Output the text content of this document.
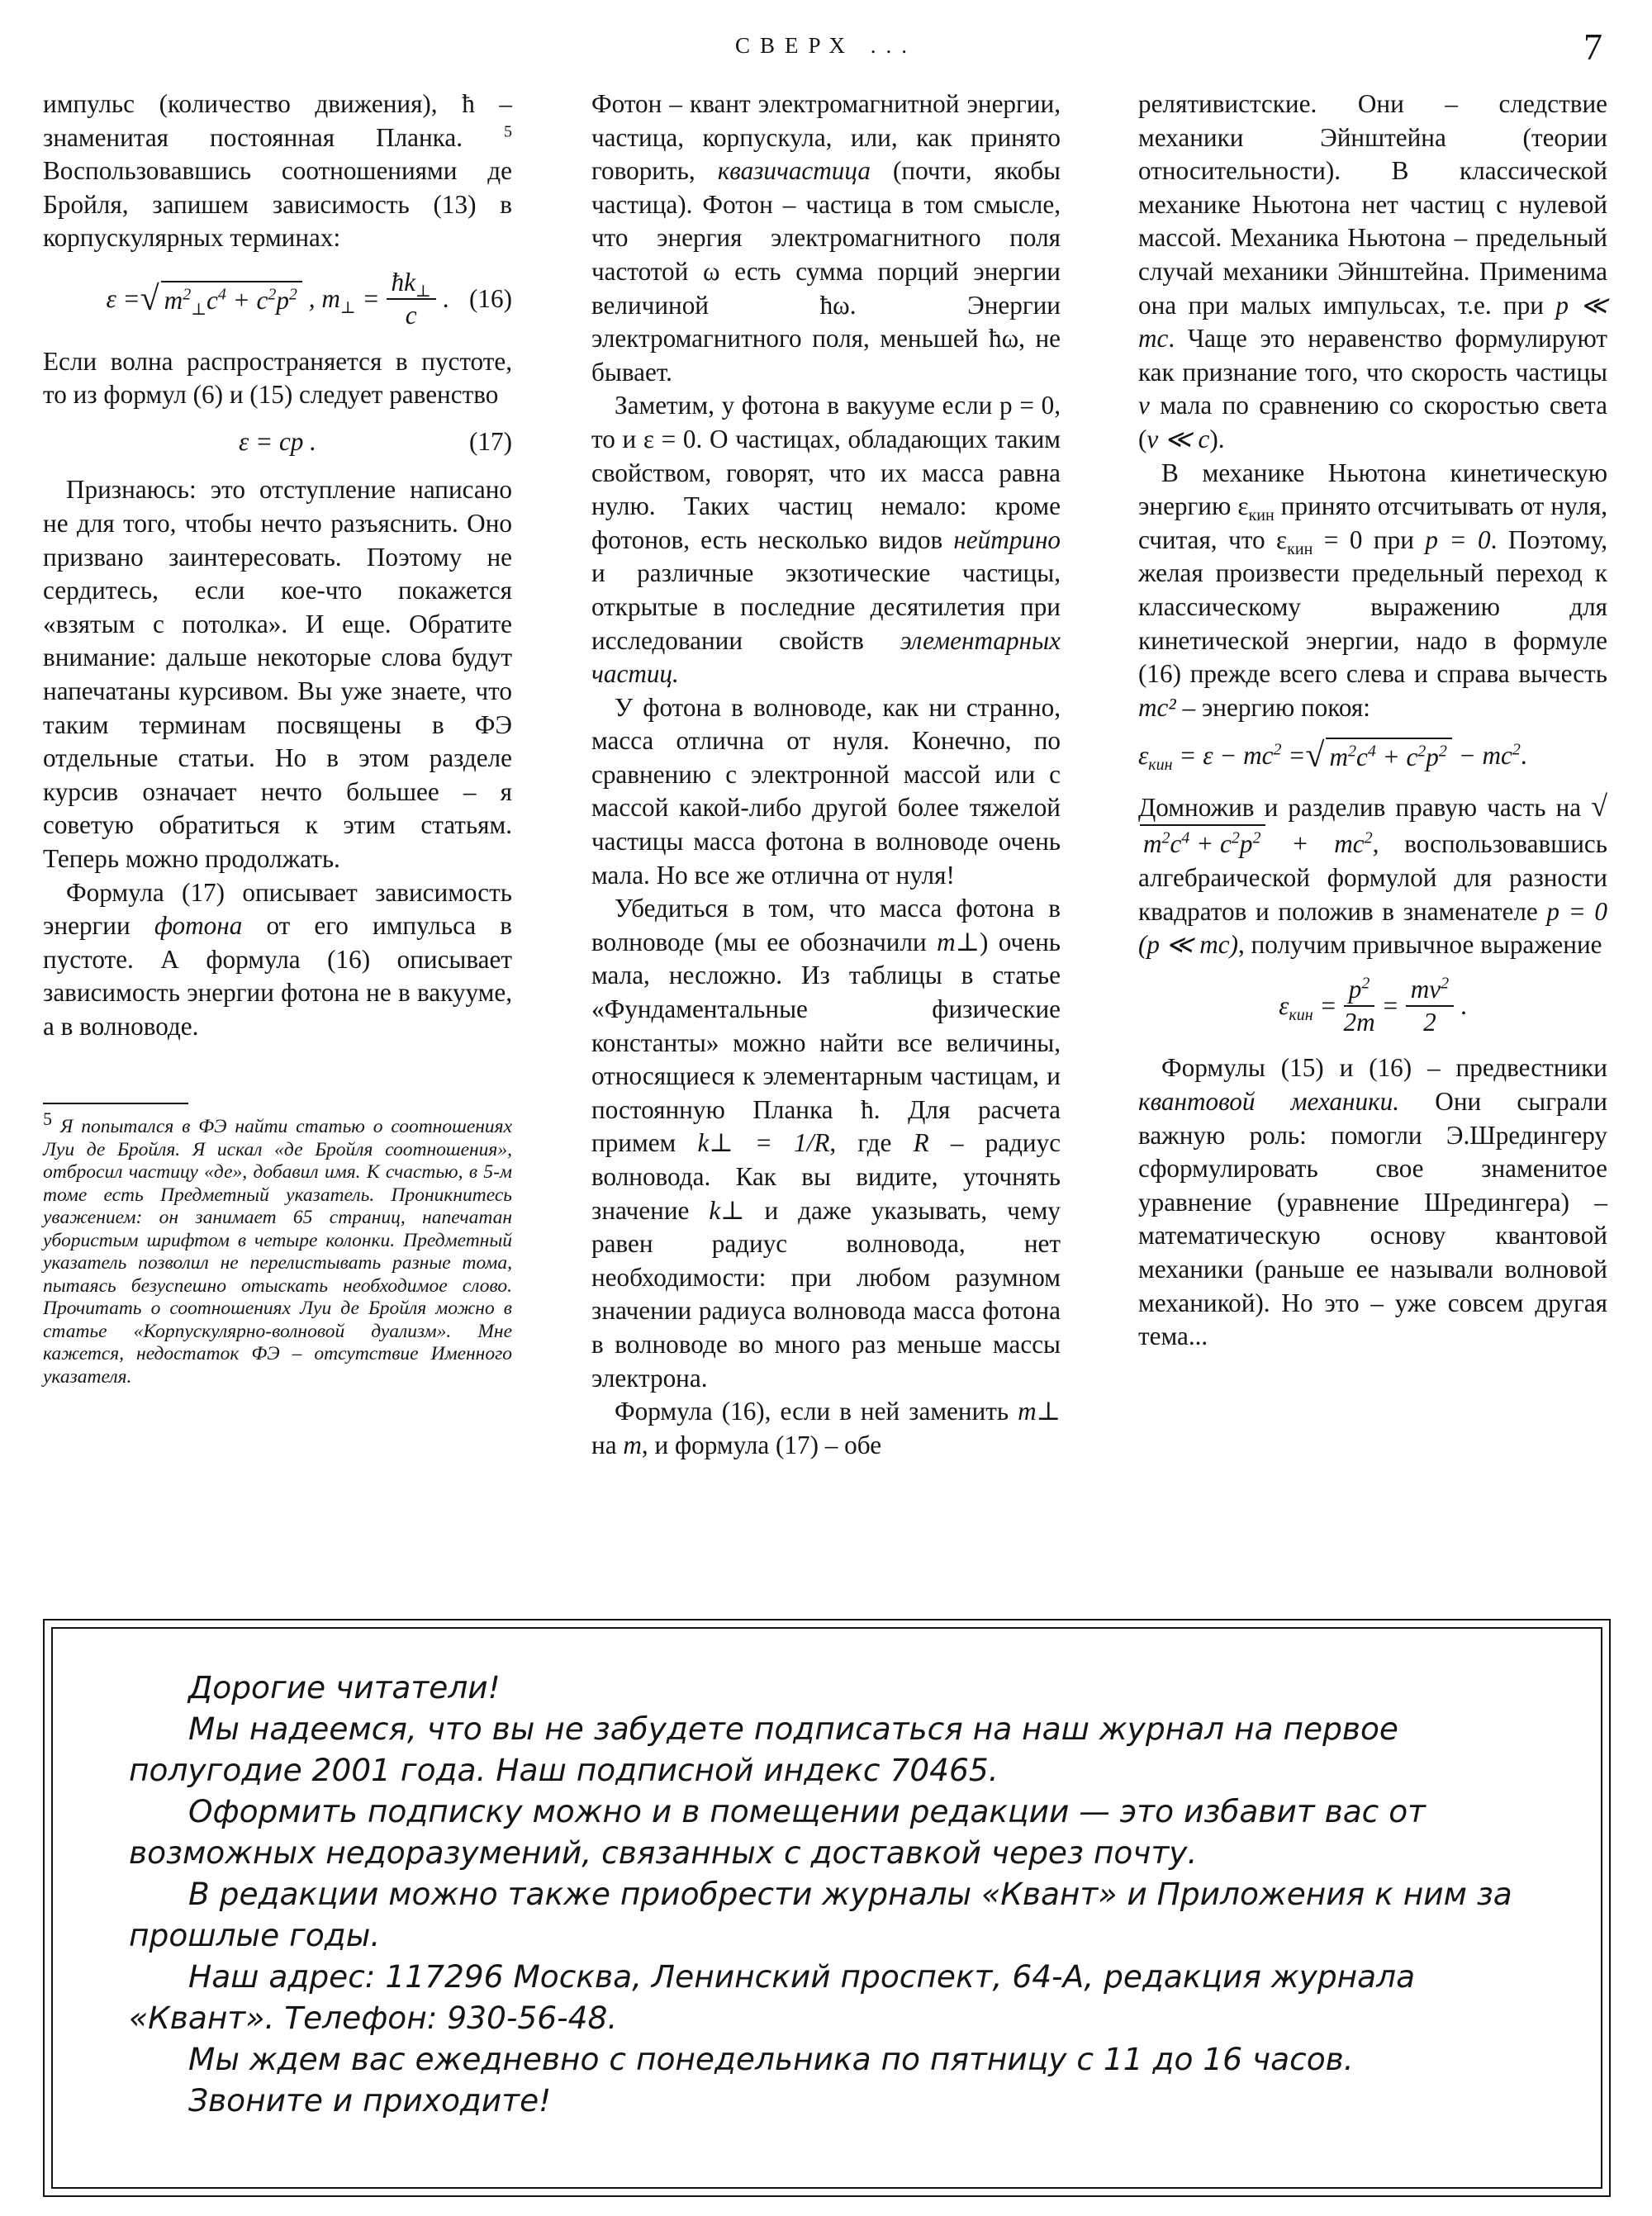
СВЕРХ ...	7

импульс (количество движения), ħ – знаменитая постоянная Планка.	$^5$ Воспользовавшись соотношениями де Бройля, запишем зависимость (13) в корпускулярных терминах:

ε = √ $m^2_\perp c^4 + c^2p^2$ , $m_\perp = \frac{ħk_\perp}{c}$ . (16)

Если волна распространяется в пустоте, то из формул (6) и (15) следует равенство

ε = cp .	(17)

Признаюсь: это отступление написано не для того, чтобы нечто разъяснить. Оно призвано заинтересовать. Поэтому не сердитесь, если кое-что покажется «взятым с потолка». И еще. Обратите внимание: дальше некоторые слова будут напечатаны курсивом. Вы уже знаете, что таким терминам посвящены в ФЭ отдельные статьи. Но в этом разделе курсив означает нечто большее – я советую обратиться к этим статьям. Теперь можно продолжать.

Формула (17) описывает зависимость энергии фотона от его импульса в пустоте. А формула (16) описывает зависимость энергии фотона не в вакууме, а в волноводе.

5 Я попытался в ФЭ найти статью о соотношениях Луи де Бройля. Я искал «де Бройля соотношения», отбросил частицу «де», добавил имя. К счастью, в 5-м томе есть Предметный указатель. Проникнитесь уважением: он занимает 65 страниц, напечатан убористым шрифтом в четыре колонки. Предметный указатель позволил не перелистывать разные тома, пытаясь безуспешно отыскать необходимое слово. Прочитать о соотношениях Луи де Бройля можно в статье «Корпускулярно-волновой дуализм». Мне кажется, недостаток ФЭ – отсутствие Именного указателя.

Фотон – квант электромагнитной энергии, частица, корпускула, или, как принято говорить, квазичастица (почти, якобы частица). Фотон – частица в том смысле, что энергия электромагнитного поля частотой ω есть сумма порций энергии величиной ħω. Энергии электромагнитного поля, меньшей ħω, не бывает.

Заметим, у фотона в вакууме если p = 0, то и ε = 0. О частицах, обладающих таким свойством, говорят, что их масса равна нулю. Таких частиц немало: кроме фотонов, есть несколько видов нейтрино и различные экзотические частицы, открытые в последние десятилетия при исследовании свойств элементарных частиц.

У фотона в волноводе, как ни странно, масса отлична от нуля. Конечно, по сравнению с электронной массой или с массой какой-либо другой более тяжелой частицы масса фотона в волноводе очень мала. Но все же отлична от нуля!

Убедиться в том, что масса фотона в волноводе (мы ее обозначили m⊥) очень мала, несложно. Из таблицы в статье «Фундаментальные физические константы» можно найти все величины, относящиеся к элементарным частицам, и постоянную Планка ħ. Для расчета примем k⊥ = 1/R, где R – радиус волновода. Как вы видите, уточнять значение k⊥ и даже указывать, чему равен радиус волновода, нет необходимости: при любом разумном значении радиуса волновода масса фотона в волноводе во много раз меньше массы электрона.

Формула (16), если в ней заменить m⊥ на m, и формула (17) – обе

релятивистские. Они – следствие механики Эйнштейна (теории относительности). В классической механике Ньютона нет частиц с нулевой массой. Механика Ньютона – предельный случай механики Эйнштейна. Применима она при малых импульсах, т.е. при p ≪ mc. Чаще это неравенство формулируют как признание того, что скорость частицы v мала по сравнению со скоростью света (v ≪ c).

В механике Ньютона кинетическую энергию $\varepsilon_{кин}$ принято отсчитывать от нуля, считая, что $\varepsilon_{кин} = 0$ при p = 0. Поэтому, желая произвести предельный переход к классическому выражению для кинетической энергии, надо в формуле (16) прежде всего слева и справа вычесть mc² – энергию покоя:

$\varepsilon_{кин} = \varepsilon - mc^2$ = √ $m^2c^4 + c^2p^2 - mc^2$.

Домножив и разделив правую часть на $√m^2c^4 + c^2p^2 + mc^2$, воспользовавшись алгебраической формулой для разности квадратов и положив в знаменателе p = 0 (p ≪ mc), получим привычное выражение

$\varepsilon_{кин} = \frac{p^2}{2m} = \frac{mv^2}{2}$ .

Формулы (15) и (16) – предвестники квантовой механики. Они сыграли важную роль: помогли Э.Шредингеру сформулировать свое знаменитое уравнение (уравнение Шредингера) – математическую основу квантовой механики (раньше ее называли волновой механикой). Но это – уже совсем другая тема...

Дорогие читатели!

Мы надеемся, что вы не забудете подписаться на наш журнал на первое полугодие 2001 года. Наш подписной индекс 70465.

Оформить подписку можно и в помещении редакции — это избавит вас от возможных недоразумений, связанных с доставкой через почту.

В редакции можно также приобрести журналы «Квант» и Приложения к ним за прошлые годы.

Наш адрес: 117296 Москва, Ленинский проспект, 64-А, редакция журнала «Квант». Телефон: 930-56-48.

Мы ждем вас ежедневно с понедельника по пятницу с 11 до 16 часов.

Звоните и приходите!
